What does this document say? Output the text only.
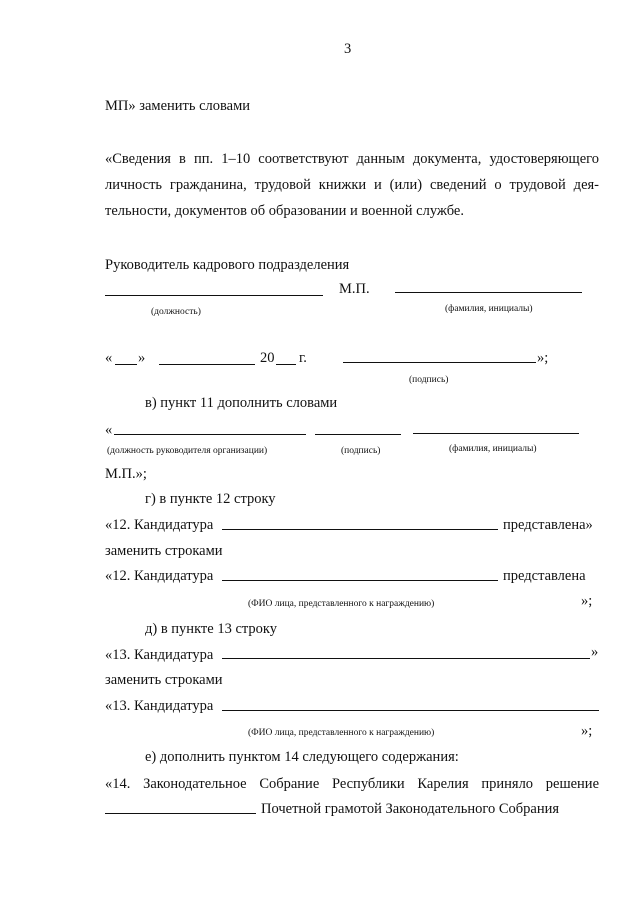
3
МП» заменить словами
«Сведения в пп. 1–10 соответствуют данным документа, удостоверяющего
личность гражданина, трудовой книжки и (или) сведений о трудовой дея-
тельности, документов об образовании и военной службе.
Руководитель кадрового подразделения
М.П.
(должность)	(фамилия, инициалы)
« »	20 г.	»;
(подпись)
в) пункт 11 дополнить словами
«
(должность руководителя организации)	(подпись)	(фамилия, инициалы)
М.П.»;
г) в пункте 12 строку
«12. Кандидатура	представлена»
заменить строками
«12. Кандидатура	представлена
(ФИО лица, представленного к награждению)	»;
д) в пункте 13 строку
«13. Кандидатура	»
заменить строками
«13. Кандидатура
(ФИО лица, представленного к награждению)	»;
е) дополнить пунктом 14 следующего содержания:
«14. Законодательное Собрание Республики Карелия приняло решение
Почетной грамотой Законодательного Собрания
